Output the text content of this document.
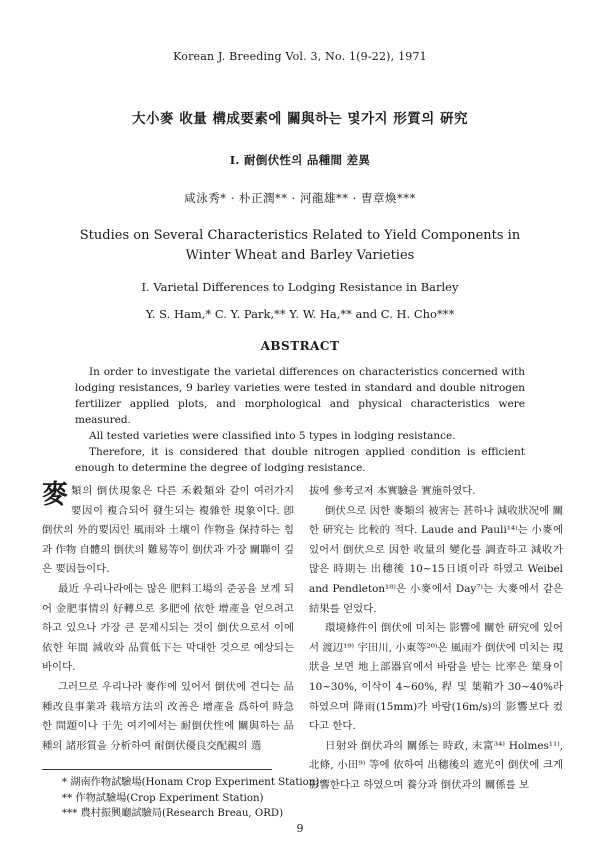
Korean J. Breeding Vol. 3, No. 1(9-22), 1971
大小麥 收量 構成要素에 關與하는 몇가지 形質의 硏究
I. 耐倒伏性의 品種間 差異
咸泳秀* · 朴正潤** · 河龍雄** · 曺章煥***
Studies on Several Characteristics Related to Yield Components in
Winter Wheat and Barley Varieties
I. Varietal Differences to Lodging Resistance in Barley
Y. S. Ham,* C. Y. Park,** Y. W. Ha,** and C. H. Cho***
ABSTRACT

In order to investigate the varietal differences on characteristics concerned with lodging resistances, 9 barley varieties were tested in standard and double nitrogen fertilizer applied plots, and morphological and physical characteristics were measured.

All tested varieties were classified into 5 types in lodging resistance.

Therefore, it is considered that double nitrogen applied condition is efficient enough to determine the degree of lodging resistance.

麥類의 倒伏現象은 다른 禾穀類와 같이 여러가지 要因이 複合되어 發生되는 複雜한 現象이다. 卽 倒伏의 外的要因인 風雨와 土壤이 作物을 保持하는 힘과 作物 自體의 倒伏의 難易等이 倒伏과 가장 關聯이 깊은 要因들이다.

最近 우리나라에는 많은 肥料工場의 준공을 보게 되어 金肥事情의 好轉으로 多肥에 依한 增產을 얻으려고 하고 있으나 가장 큰 문제시되는 것이 倒伏으로서 이에 依한 年間 減收와 品質低下는 막대한 것으로 예상되는 바이다.

그러므로 우리나라 麥作에 있어서 倒伏에 견디는 品種改良事業과 栽培方法의 改善은 增產을 爲하여 時急한 問題이나 于先 여기에서는 耐倒伏性에 關與하는 品種의 諸形質을 分析하여 耐倒伏優良交配親의 選

拔에 參考코저 本實驗을 實施하였다.

倒伏으로 因한 麥類의 被害는 甚하나 減收狀况에 關한 硏究는 比較的 적다. Laude and Pauli¹⁴⁾는 小麥에 있어서 倒伏으로 因한 收量의 變化를 調査하고 減收가 많은 時期는 出穗後 10~15日頃이라 하였고 Weibel and Pendleton¹⁸⁾은 小麥에서 Day⁷⁾는 大麥에서 같은 結果를 얻었다.

環境條件이 倒伏에 미치는 影響에 關한 硏究에 있어서 渡辺¹⁹⁾ 宇田川, 小東等²⁰⁾은 風雨가 倒伏에 미치는 現狀을 보면 地上部器官에서 바람을 받는 比率은 葉身이 10~30%, 이삭이 4~60%, 稈 및 葉鞘가 30~40%라 하였으며 降雨(15mm)가 바람(16m/s)의 影響보다 컸다고 한다.

日射와 倒伏과의 關係는 時政, 末富³⁴⁾ Holmes¹¹⁾, 北條, 小田⁹⁾ 等에 依하여 出穗後의 遮光이 倒伏에 크게 影響한다고 하였으며 養分과 倒伏과의 關係를 보

* 湖南作物試驗場(Honam Crop Experiment Station)
** 作物試驗場(Crop Experiment Station)
*** 農村振興廳試驗局(Research Breau, ORD)
9
